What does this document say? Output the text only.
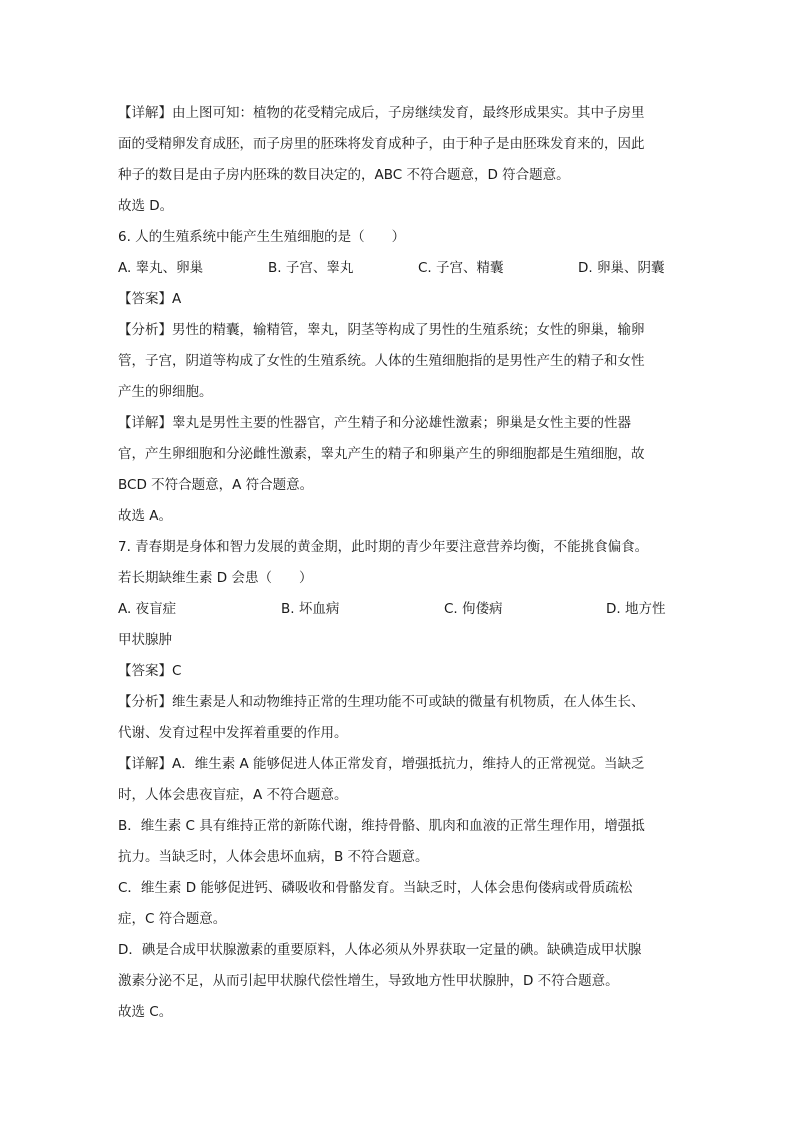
【详解】由上图可知：植物的花受精完成后，子房继续发育，最终形成果实。其中子房里
面的受精卵发育成胚，而子房里的胚珠将发育成种子，由于种子是由胚珠发育来的，因此
种子的数目是由子房内胚珠的数目决定的，ABC 不符合题意，D 符合题意。
故选 D。
6. 人的生殖系统中能产生生殖细胞的是（　　）
A. 睾丸、卵巢	B. 子宫、睾丸	C. 子宫、精囊	D. 卵巢、阴囊
【答案】A
【分析】男性的精囊，输精管，睾丸，阴茎等构成了男性的生殖系统；女性的卵巢，输卵
管，子宫，阴道等构成了女性的生殖系统。人体的生殖细胞指的是男性产生的精子和女性
产生的卵细胞。
【详解】睾丸是男性主要的性器官，产生精子和分泌雄性激素；卵巢是女性主要的性器
官，产生卵细胞和分泌雌性激素，睾丸产生的精子和卵巢产生的卵细胞都是生殖细胞，故
BCD 不符合题意，A 符合题意。
故选 A。
7. 青春期是身体和智力发展的黄金期，此时期的青少年要注意营养均衡，不能挑食偏食。
若长期缺维生素 D 会患（　　）
A. 夜盲症	B. 坏血病	C. 佝偻病	D. 地方性
甲状腺肿
【答案】C
【分析】维生素是人和动物维持正常的生理功能不可或缺的微量有机物质，在人体生长、
代谢、发育过程中发挥着重要的作用。
【详解】A．维生素 A 能够促进人体正常发育，增强抵抗力，维持人的正常视觉。当缺乏
时，人体会患夜盲症，A 不符合题意。
B．维生素 C 具有维持正常的新陈代谢，维持骨骼、肌肉和血液的正常生理作用，增强抵
抗力。当缺乏时，人体会患坏血病，B 不符合题意。
C．维生素 D 能够促进钙、磷吸收和骨骼发育。当缺乏时，人体会患佝偻病或骨质疏松
症，C 符合题意。
D．碘是合成甲状腺激素的重要原料，人体必须从外界获取一定量的碘。缺碘造成甲状腺
激素分泌不足，从而引起甲状腺代偿性增生，导致地方性甲状腺肿，D 不符合题意。
故选 C。
